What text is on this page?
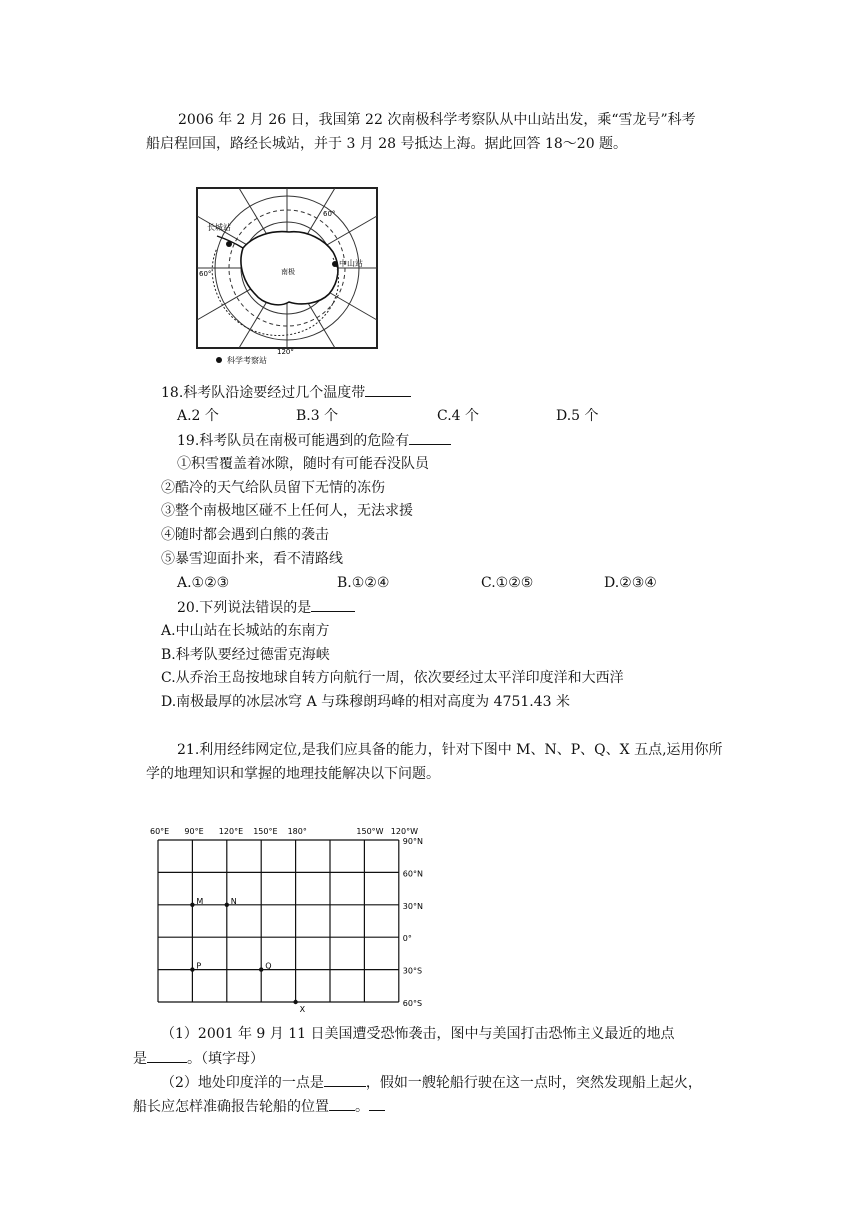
2006 年 2 月 26 日，我国第 22 次南极科学考察队从中山站出发，乘“雪龙号”科考
船启程回国，路经长城站，并于 3 月 28 号抵达上海。据此回答 18～20 题。
长城站
中山站
南极
60°
60°
120°
科学考察站
18.科考队沿途要经过几个温度带
A.2 个	B.3 个	C.4 个	D.5 个
19.科考队员在南极可能遇到的危险有
①积雪覆盖着冰隙，随时有可能吞没队员
②酷冷的天气给队员留下无情的冻伤
③整个南极地区碰不上任何人，无法求援
④随时都会遇到白熊的袭击
⑤暴雪迎面扑来，看不清路线
A.①②③	B.①②④	C.①②⑤	D.②③④
20.下列说法错误的是
A.中山站在长城站的东南方
B.科考队要经过德雷克海峡
C.从乔治王岛按地球自转方向航行一周，依次要经过太平洋印度洋和大西洋
D.南极最厚的冰层冰穹 A 与珠穆朗玛峰的相对高度为 4751.43 米
21.利用经纬网定位,是我们应具备的能力，针对下图中 M、N、P、Q、X 五点,运用你所
学的地理知识和掌握的地理技能解决以下问题。
60°E 90°E 120°E 150°E 180°	150°W 120°W
90°N
60°N
30°N
0°
30°S
60°S
M	N
P	Q
X
（1）2001 年 9 月 11 日美国遭受恐怖袭击，图中与美国打击恐怖主义最近的地点
是	。（填字母）
（2）地处印度洋的一点是	，假如一艘轮船行驶在这一点时，突然发现船上起火，
船长应怎样准确报告轮船的位置 。
